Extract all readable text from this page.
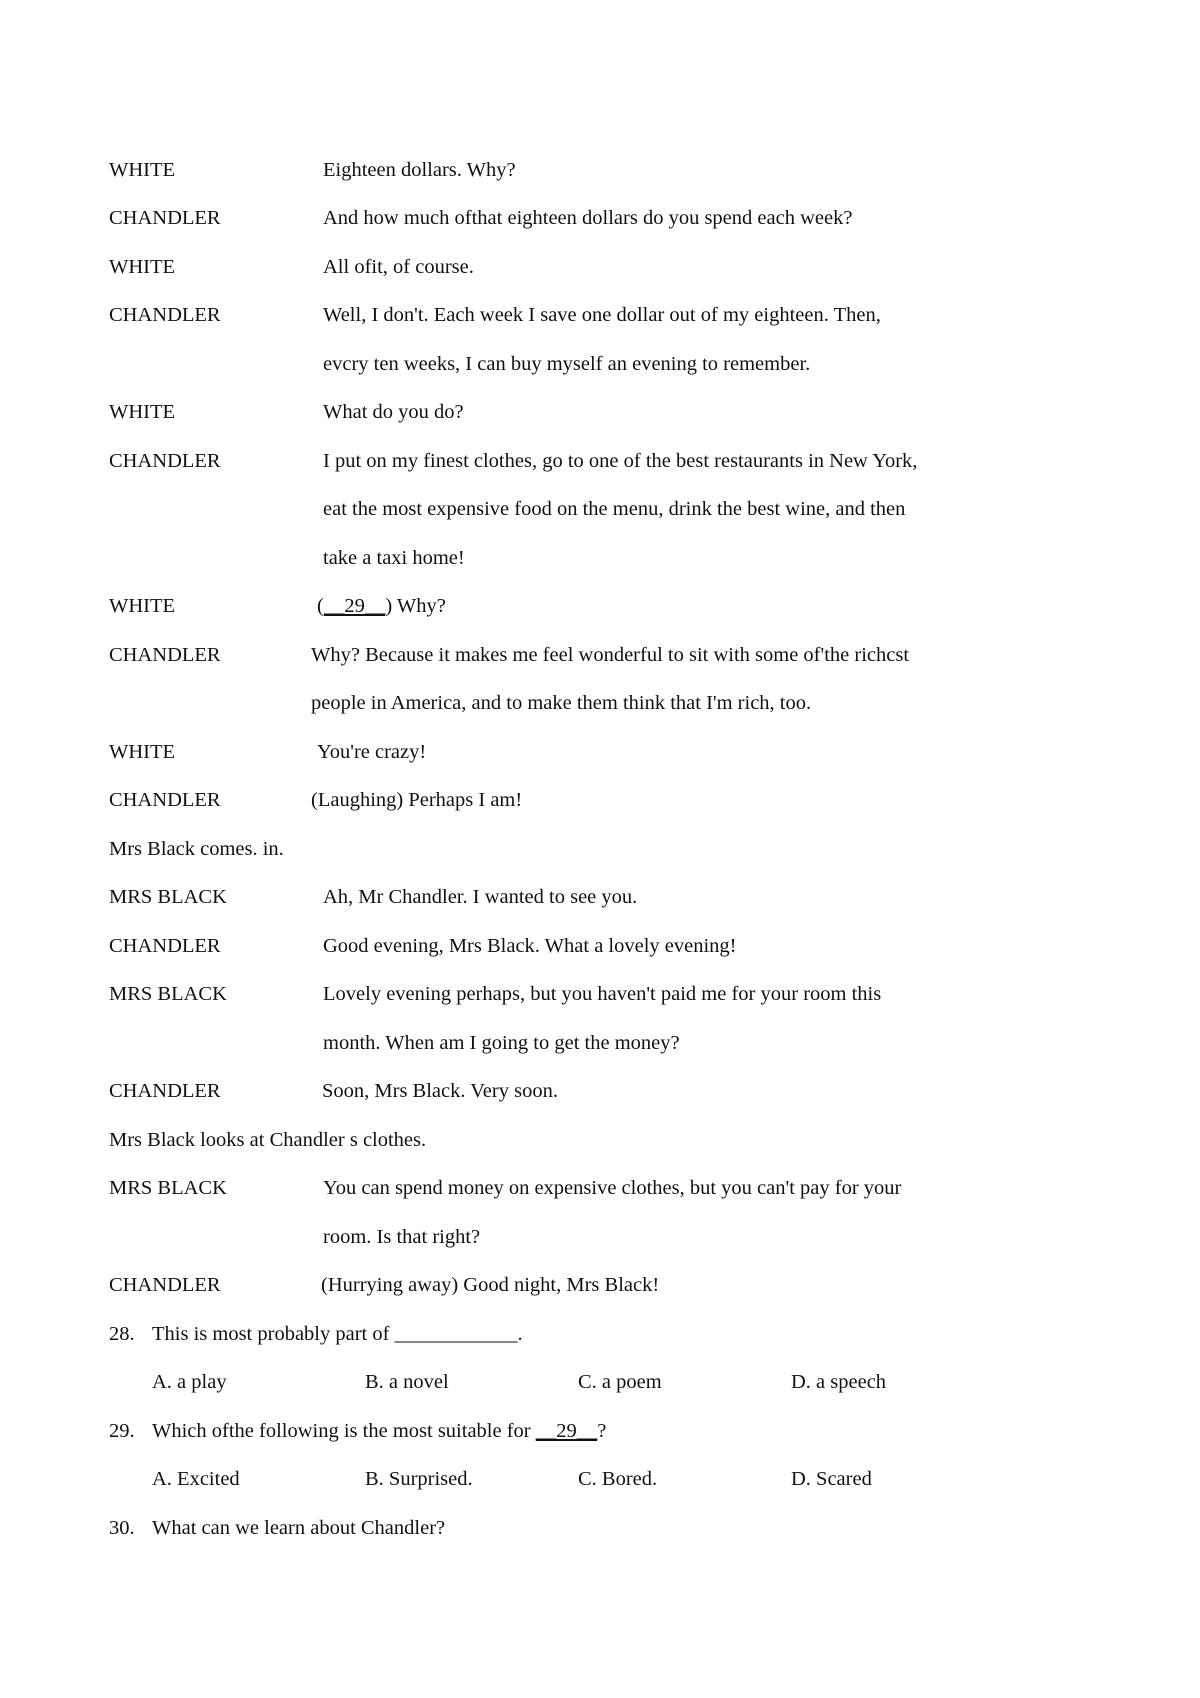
WHITE	Eighteen dollars. Why?
CHANDLER	And how much ofthat eighteen dollars do you spend each week?
WHITE	All ofit, of course.
CHANDLER	Well, I don't. Each week I save one dollar out of my eighteen. Then,
evcry ten weeks, I can buy myself an evening to remember.
WHITE	What do you do?
CHANDLER	I put on my finest clothes, go to one of the best restaurants in New York,
eat the most expensive food on the menu, drink the best wine, and then
take a taxi home!
WHITE	(__29__) Why?
CHANDLER	Why? Because it makes me feel wonderful to sit with some of'the richcst
people in America, and to make them think that I'm rich, too.
WHITE	You're crazy!
CHANDLER	(Laughing) Perhaps I am!
Mrs Black comes. in.
MRS BLACK	Ah, Mr Chandler. I wanted to see you.
CHANDLER	Good evening, Mrs Black. What a lovely evening!
MRS BLACK	Lovely evening perhaps, but you haven't paid me for your room this
month. When am I going to get the money?
CHANDLER	Soon, Mrs Black. Very soon.
Mrs Black looks at Chandler s clothes.
MRS BLACK	You can spend money on expensive clothes, but you can't pay for your
room. Is that right?
CHANDLER	(Hurrying away) Good night, Mrs Black!
28. This is most probably part of ____________.
A. a play	B. a novel	C. a poem	D. a speech
29. Which ofthe following is the most suitable for __29__?
A. Excited	B. Surprised.	C. Bored.	D. Scared
30. What can we learn about Chandler?
